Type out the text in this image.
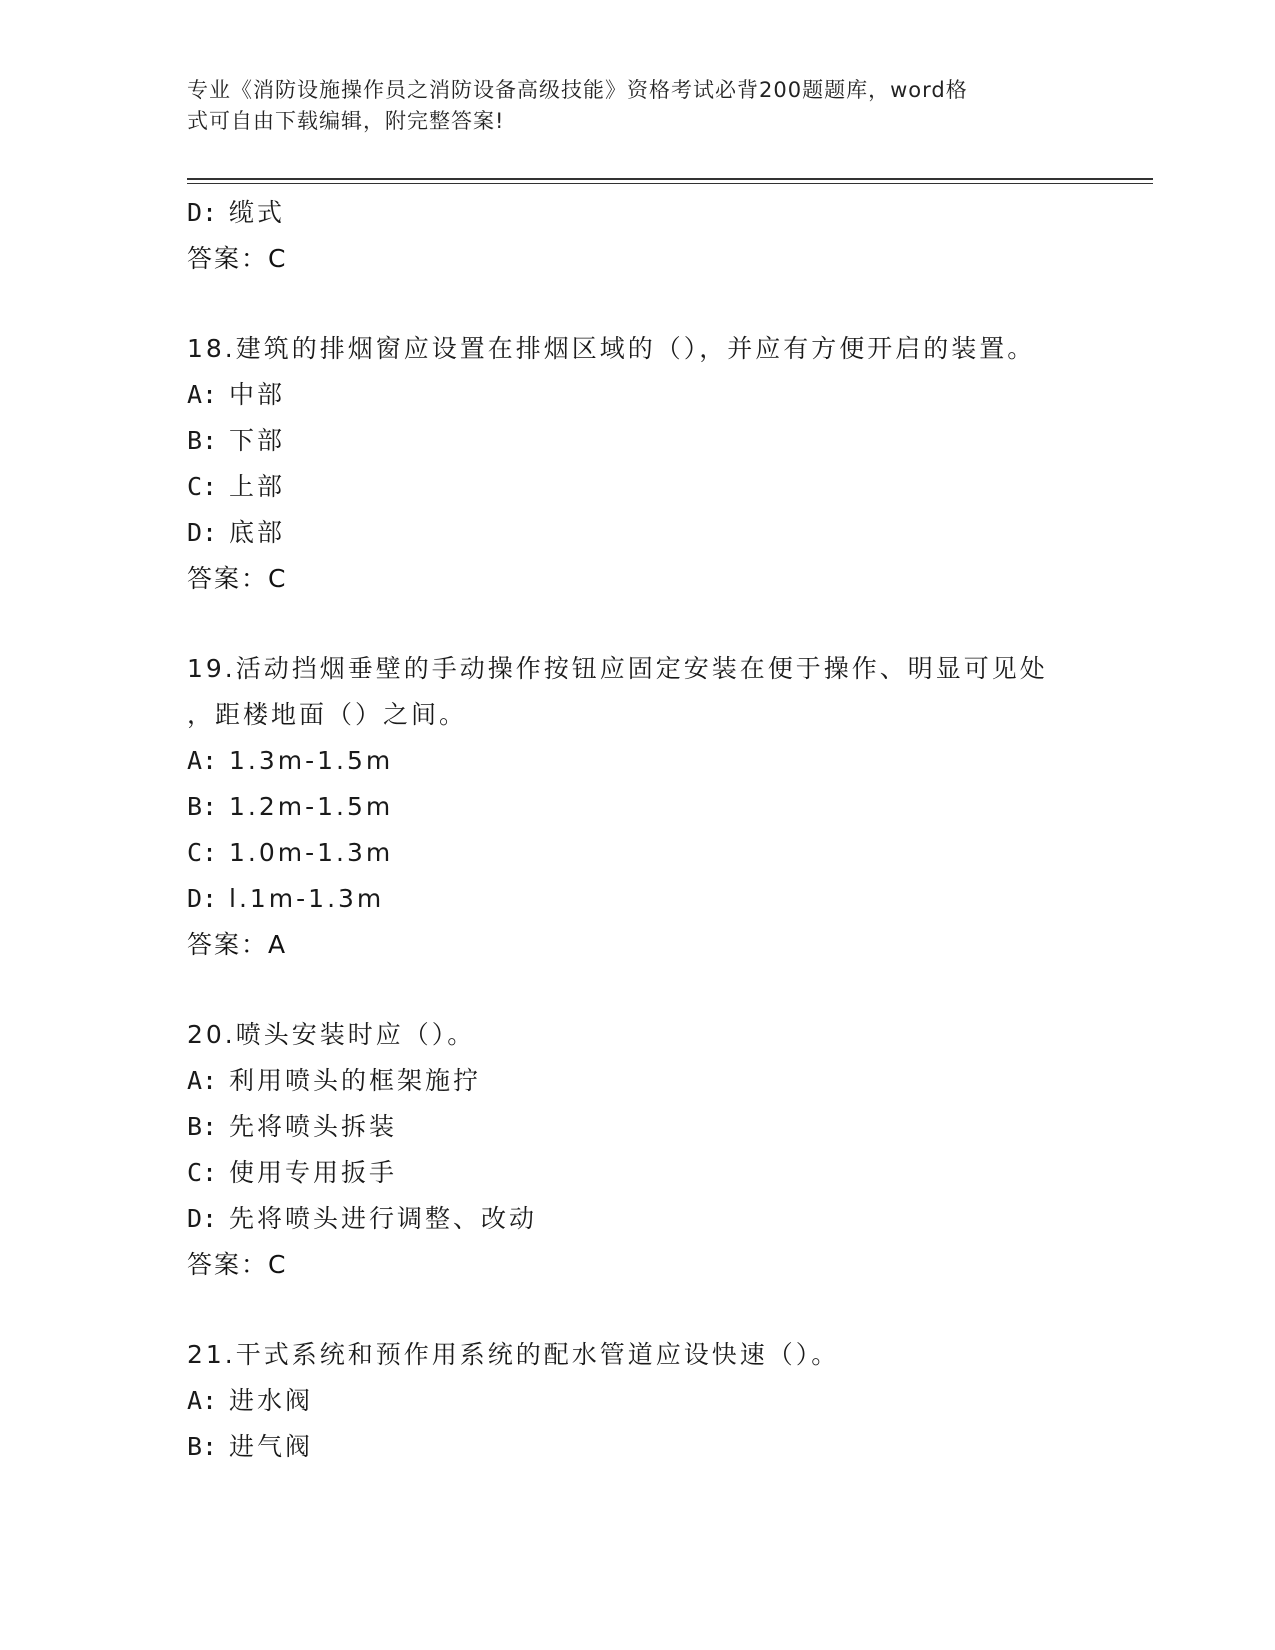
专业《消防设施操作员之消防设备高级技能》资格考试必背200题题库，word格
式可自由下载编辑，附完整答案!
D: 缆式
答案：C
18.建筑的排烟窗应设置在排烟区域的（），并应有方便开启的装置。
A: 中部
B: 下部
C: 上部
D: 底部
答案：C
19.活动挡烟垂壁的手动操作按钮应固定安装在便于操作、明显可见处
，距楼地面（）之间。
A: 1.3m-1.5m
B: 1.2m-1.5m
C: 1.0m-1.3m
D: l.1m-1.3m
答案：A
20.喷头安装时应（）。
A: 利用喷头的框架施拧
B: 先将喷头拆装
C: 使用专用扳手
D: 先将喷头进行调整、改动
答案：C
21.干式系统和预作用系统的配水管道应设快速（）。
A: 进水阀
B: 进气阀
